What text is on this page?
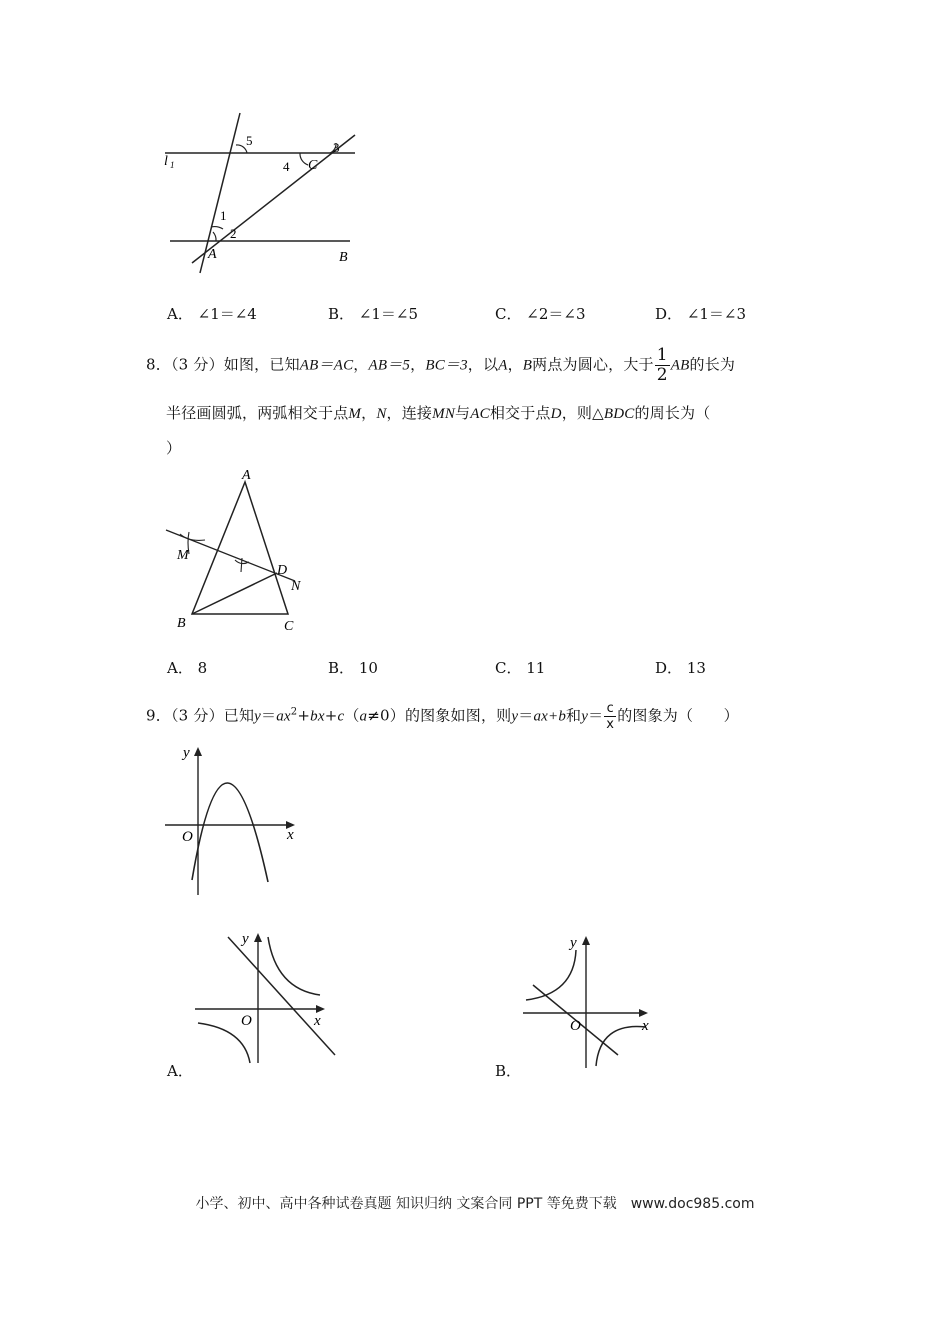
l 1
5	3
4 C
1
2
A	B
A． ∠1＝∠4	B． ∠1＝∠5	C． ∠2＝∠3	D． ∠1＝∠3
8．（3 分）如图，已知AB＝AC，AB＝5，BC＝3，以A，B两点为圆心，大于 $\frac{1}{2}$ AB的长为
半径画圆弧，两弧相交于点M，N，连接MN与AC相交于点D，则△BDC的周长为（
）
A
M
D
N
B	C
A． 8	B． 10	C． 11	D． 13
9．（3 分）已知$y=ax^2+bx+c(a\ne 0)$的图象如图，则y＝ax+b和$y= \frac{c}{x}$ 的图象为（　　）
y
O	x
y
O	x
A．
y
O	x
B．
小学、初中、高中各种试卷真题 知识归纳 文案合同 PPT 等免费下载　www.doc985.com
